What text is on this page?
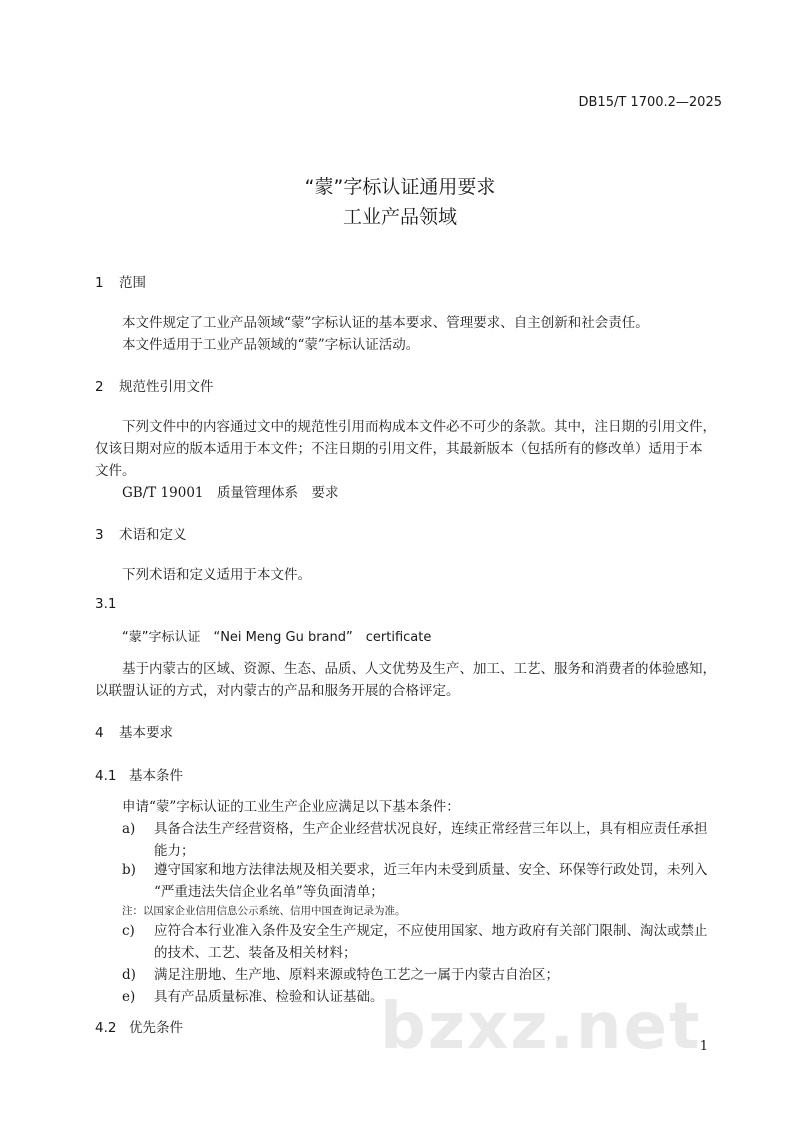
DB15/T 1700.2—2025
“蒙”字标认证通用要求
工业产品领域
1 范围
本文件规定了工业产品领域“蒙”字标认证的基本要求、管理要求、自主创新和社会责任。
本文件适用于工业产品领域的“蒙”字标认证活动。
2 规范性引用文件
下列文件中的内容通过文中的规范性引用而构成本文件必不可少的条款。其中，注日期的引用文件，
仅该日期对应的版本适用于本文件；不注日期的引用文件，其最新版本（包括所有的修改单）适用于本
文件。
GB/T 19001　质量管理体系　要求
3 术语和定义
下列术语和定义适用于本文件。
3.1
“蒙”字标认证　“Nei Meng Gu brand”　certificate
基于内蒙古的区域、资源、生态、品质、人文优势及生产、加工、工艺、服务和消费者的体验感知，
以联盟认证的方式，对内蒙古的产品和服务开展的合格评定。
4 基本要求
4.1 基本条件
申请“蒙”字标认证的工业生产企业应满足以下基本条件：
a) 具备合法生产经营资格，生产企业经营状况良好，连续正常经营三年以上，具有相应责任承担
能力；
b) 遵守国家和地方法律法规及相关要求，近三年内未受到质量、安全、环保等行政处罚，未列入
“严重违法失信企业名单”等负面清单；
注：以国家企业信用信息公示系统、信用中国查询记录为准。
c) 应符合本行业准入条件及安全生产规定，不应使用国家、地方政府有关部门限制、淘汰或禁止
的技术、工艺、装备及相关材料；
d) 满足注册地、生产地、原料来源或特色工艺之一属于内蒙古自治区；
e) 具有产品质量标准、检验和认证基础。
4.2 优先条件
1
bzxz.net
